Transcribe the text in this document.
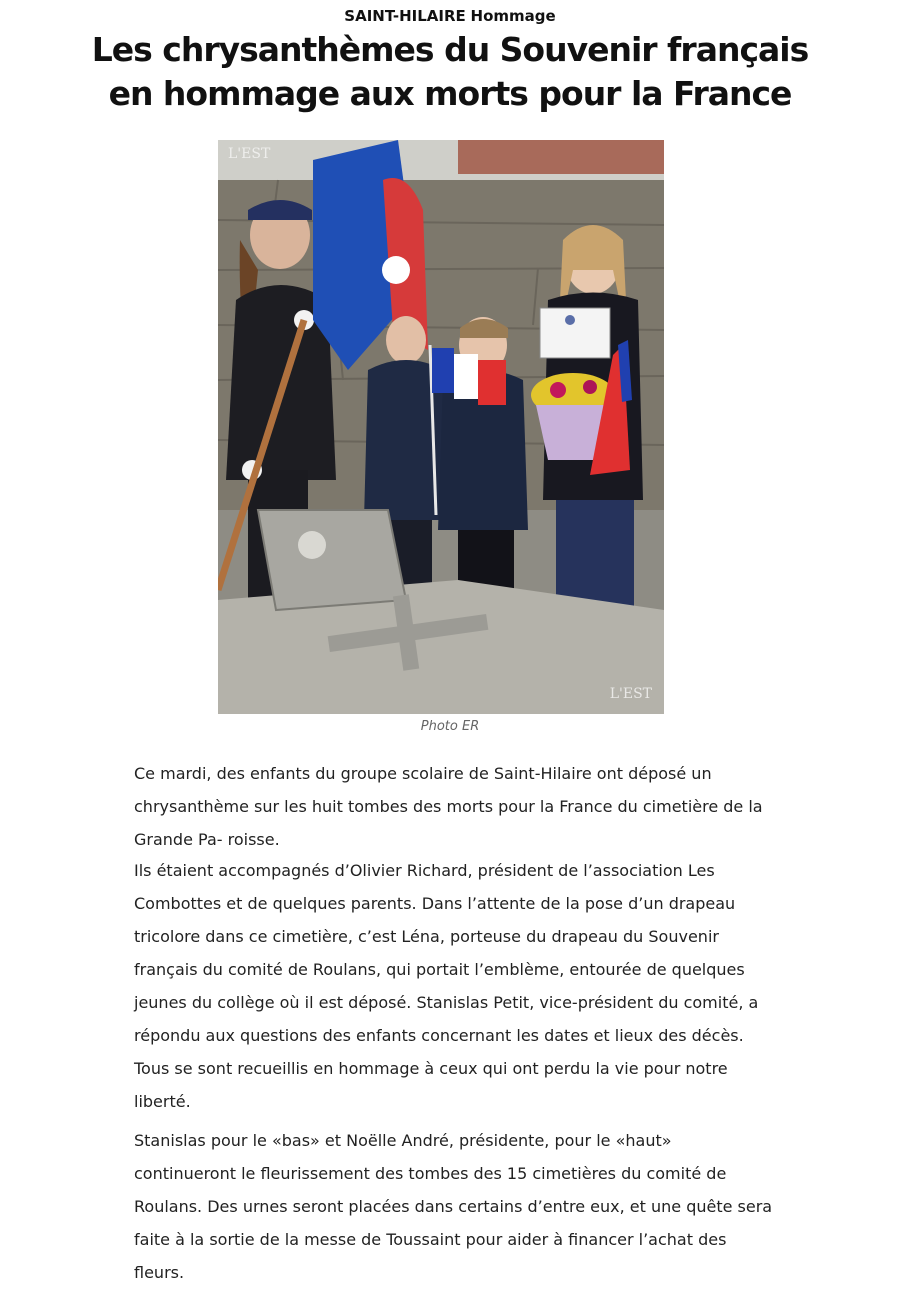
SAINT-HILAIRE Hommage
Les chrysanthèmes du Souvenir français
en hommage aux morts pour la France
L'EST
L'EST
Photo ER

Ce mardi, des enfants du groupe scolaire de Saint-Hilaire ont déposé un chrysanthème sur les huit tombes des morts pour la France du cimetière de la Grande Pa- roisse.

Ils étaient accompagnés d’Olivier Richard, président de l’association Les Combottes et de quelques parents. Dans l’attente de la pose d’un drapeau tricolore dans ce cimetière, c’est Léna, porteuse du drapeau du Souvenir français du comité de Roulans, qui portait l’emblème, entourée de quelques jeunes du collège où il est déposé. Stanislas Petit, vice-président du comité, a répondu aux questions des enfants concernant les dates et lieux des décès. Tous se sont recueillis en hommage à ceux qui ont perdu la vie pour notre liberté.

Stanislas pour le «bas» et Noëlle André, présidente, pour le «haut» continueront le fleurissement des tombes des 15 cimetières du comité de Roulans. Des urnes seront placées dans certains d’entre eux, et une quête sera faite à la sortie de la messe de Toussaint pour aider à financer l’achat des fleurs.
